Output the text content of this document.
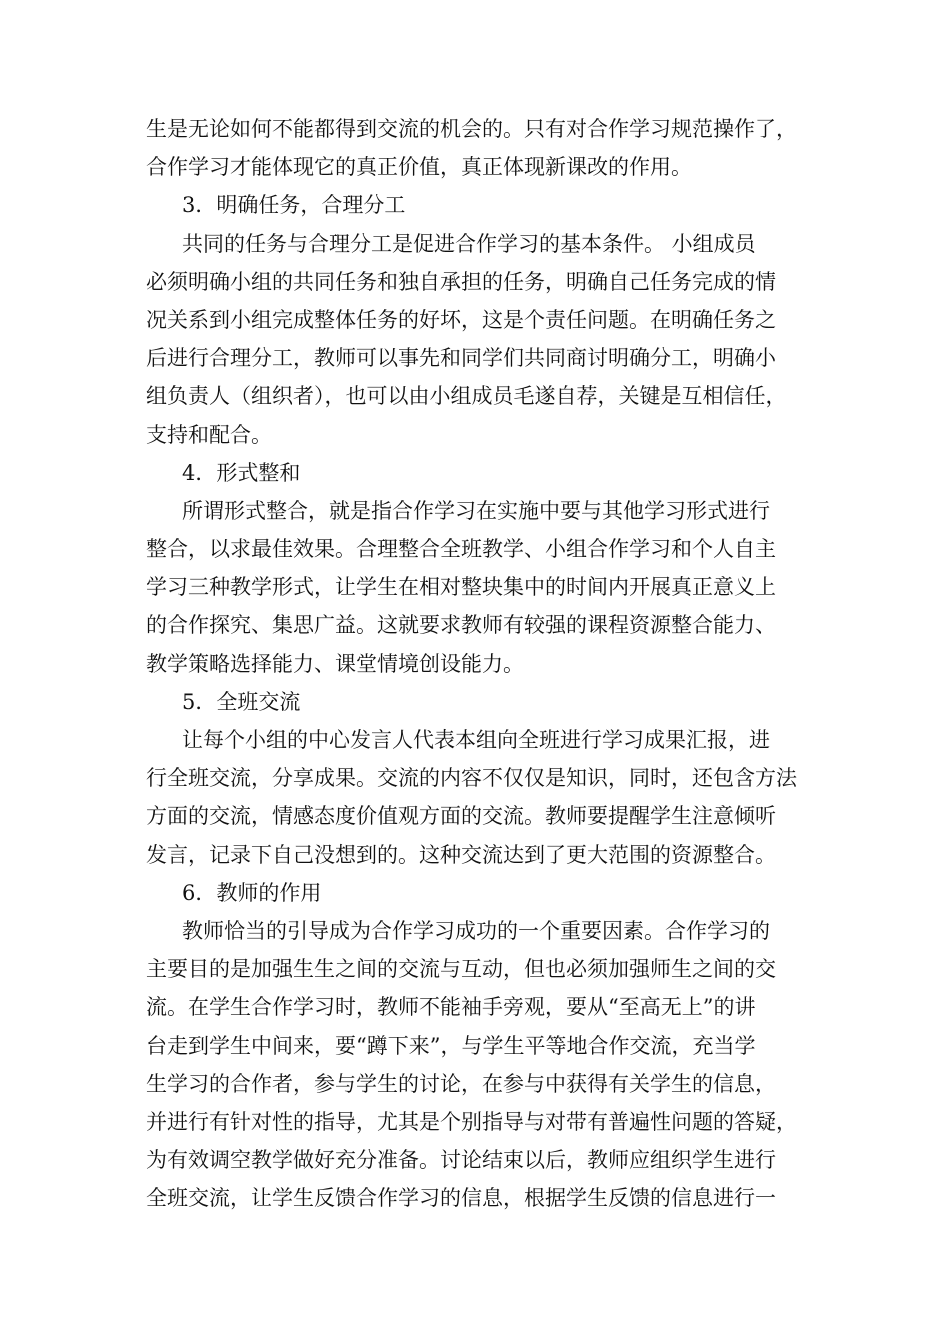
生是无论如何不能都得到交流的机会的。只有对合作学习规范操作了，
合作学习才能体现它的真正价值，真正体现新课改的作用。
3．明确任务，合理分工
共同的任务与合理分工是促进合作学习的基本条件。 小组成员
必须明确小组的共同任务和独自承担的任务，明确自己任务完成的情
况关系到小组完成整体任务的好坏，这是个责任问题。在明确任务之
后进行合理分工，教师可以事先和同学们共同商讨明确分工，明确小
组负责人（组织者），也可以由小组成员毛遂自荐，关键是互相信任，
支持和配合。
4．形式整和
所谓形式整合，就是指合作学习在实施中要与其他学习形式进行
整合，以求最佳效果。合理整合全班教学、小组合作学习和个人自主
学习三种教学形式，让学生在相对整块集中的时间内开展真正意义上
的合作探究、集思广益。这就要求教师有较强的课程资源整合能力、
教学策略选择能力、课堂情境创设能力。
5．全班交流
让每个小组的中心发言人代表本组向全班进行学习成果汇报，进
行全班交流，分享成果。交流的内容不仅仅是知识，同时，还包含方法
方面的交流，情感态度价值观方面的交流。教师要提醒学生注意倾听
发言，记录下自己没想到的。这种交流达到了更大范围的资源整合。
6．教师的作用
教师恰当的引导成为合作学习成功的一个重要因素。合作学习的
主要目的是加强生生之间的交流与互动，但也必须加强师生之间的交
流。在学生合作学习时，教师不能袖手旁观，要从“至高无上”的讲
台走到学生中间来，要“蹲下来”，与学生平等地合作交流，充当学
生学习的合作者，参与学生的讨论，在参与中获得有关学生的信息，
并进行有针对性的指导，尤其是个别指导与对带有普遍性问题的答疑，
为有效调空教学做好充分准备。讨论结束以后，教师应组织学生进行
全班交流，让学生反馈合作学习的信息，根据学生反馈的信息进行一
